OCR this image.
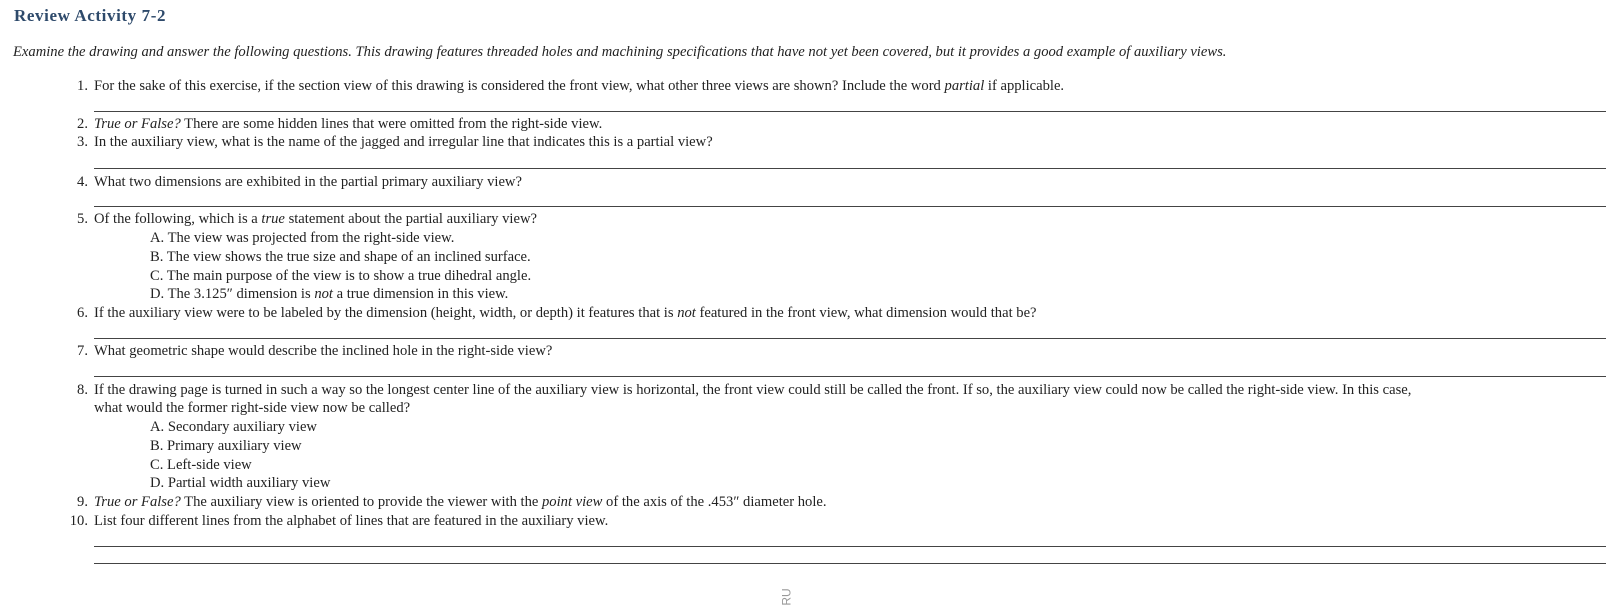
Review Activity 7-2
Examine the drawing and answer the following questions. This drawing features threaded holes and machining specifications that have not yet been covered, but it provides a good example of auxiliary views.
1. For the sake of this exercise, if the section view of this drawing is considered the front view, what other three views are shown? Include the word partial if applicable.
2. True or False? There are some hidden lines that were omitted from the right-side view.
3. In the auxiliary view, what is the name of the jagged and irregular line that indicates this is a partial view?
4. What two dimensions are exhibited in the partial primary auxiliary view?
5. Of the following, which is a true statement about the partial auxiliary view?
A. The view was projected from the right-side view.
B. The view shows the true size and shape of an inclined surface.
C. The main purpose of the view is to show a true dihedral angle.
D. The 3.125″ dimension is not a true dimension in this view.
6. If the auxiliary view were to be labeled by the dimension (height, width, or depth) it features that is not featured in the front view, what dimension would that be?
7. What geometric shape would describe the inclined hole in the right-side view?
8. If the drawing page is turned in such a way so the longest center line of the auxiliary view is horizontal, the front view could still be called the front. If so, the auxiliary view could now be called the right-side view. In this case,
what would the former right-side view now be called?
A. Secondary auxiliary view
B. Primary auxiliary view
C. Left-side view
D. Partial width auxiliary view
9. True or False? The auxiliary view is oriented to provide the viewer with the point view of the axis of the .453″ diameter hole.
10. List four different lines from the alphabet of lines that are featured in the auxiliary view.
RU
